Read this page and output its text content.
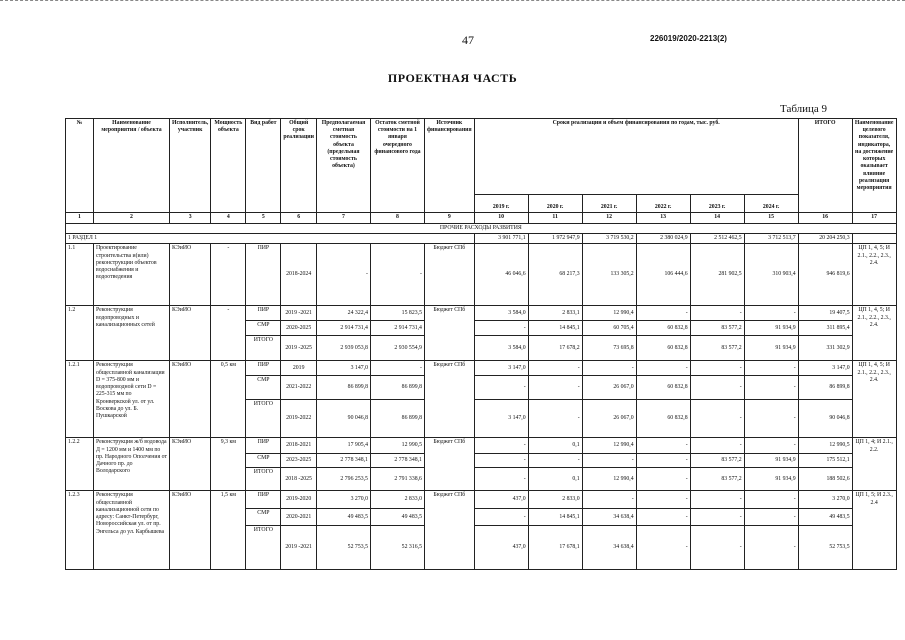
47	226019/2020-2213(2)
ПРОЕКТНАЯ ЧАСТЬ
Таблица 9
№	Наименование мероприятия / объекта	Исполнитель, участник	Мощность объекта	Вид работ	Общий срок реализации	Предполагаемая сметная стоимость объекта (предельная стоимость объекта)	Остаток сметной стоимости на 1 января очередного финансового года	Источник финансирования	Сроки реализации и объем финансирования по годам, тыс. руб.						ИТОГО	Наименование целевого показателя, индикатора, на достижение которых оказывает влияние реализация мероприятия
									2019 г.	2020 г.	2021 г.	2022 г.	2023 г.	2024 г.		
1	2	3	4	5	6	7	8	9	10	11	12	13	14	15	16	17
ПРОЧИЕ РАСХОДЫ РАЗВИТИЯ																
1 РАЗДЕЛ 1									3 901 771,1	1 972 947,9	3 719 530,2	2 380 024,9	2 512 462,5	3 712 513,7	20 204 250,3	
1.1	Проектирование строительства и(или) реконструкции объектов водоснабжения и водоотведения	КЭиИО	-	ПИР	2018-2024	-	-	Бюджет СПб	46 046,6	68 217,3	133 305,2	106 444,6	281 902,5	310 903,4	946 819,6	ЦП 1, 4, 5; И 2.1., 2.2., 2.3., 2.4.
1.2	Реконструкция водопроводных и канализационных сетей	КЭиИО	-	ПИР	2019 -2021	24 322,4	15 823,5	Бюджет СПб	3 584,0	2 833,1	12 990,4	-	-	-	19 407,5	ЦП 1, 4, 5; И 2.1., 2.2., 2.3., 2.4.
				СМР	2020-2025	2 914 731,4	2 914 731,4		-	14 845,1	60 705,4	60 832,8	83 577,2	91 934,9	311 895,4	
				ИТОГО	2019 -2025	2 939 053,8	2 930 554,9		3 584,0	17 678,2	73 695,8	60 832,8	83 577,2	91 934,9	331 302,9	
1.2.1	Реконструкция общесплавной канализации D = 375-800 мм и водопроводной сети D = 225-315 мм по Кронверкской ул. от ул. Воскова до ул. Б. Пушкарской	КЭиИО	0,5 км	ПИР	2019	3 147,0	-	Бюджет СПб	3 147,0	-	-	-	-	-	3 147,0	ЦП 1, 4, 5; И 2.1., 2.2., 2.3., 2.4.
				СМР	2021-2022	86 899,8	86 899,8		-	-	26 067,0	60 832,8	-	-	86 899,8	
				ИТОГО	2019-2022	90 046,8	86 899,8		3 147,0	-	26 067,0	60 832,8	-	-	90 046,8	
1.2.2	Реконструкция ж/б водовода Д = 1200 мм и 1400 мм по пр. Народного Ополчения от Дачного пр. до Володарского	КЭиИО	9,3 км	ПИР	2018-2021	17 905,4	12 990,5	Бюджет СПб	-	0,1	12 990,4	-	-	-	12 990,5	ЦП 1, 4; И 2.1., 2.2.
				СМР	2023-2025	2 778 348,1	2 778 348,1		-	-	-	-	83 577,2	91 934,9	175 512,1	
				ИТОГО	2018 -2025	2 796 253,5	2 791 338,6		-	0,1	12 990,4	-	83 577,2	91 934,9	188 502,6	
1.2.3	Реконструкция общесплавной канализационной сети по адресу: Санкт-Петербург, Новороссийская ул. от пр. Энгельса до ул. Карбышева	КЭиИО	1,5 км	ПИР	2019-2020	3 270,0	2 833,0	Бюджет СПб	437,0	2 833,0	-	-	-	-	3 270,0	ЦП 1, 5; И 2.3., 2.4
				СМР	2020-2021	49 483,5	49 483,5		-	14 845,1	34 638,4	-	-	-	49 483,5	
				ИТОГО	2019 -2021	52 753,5	52 316,5		437,0	17 678,1	34 638,4	-	-	-	52 753,5	
